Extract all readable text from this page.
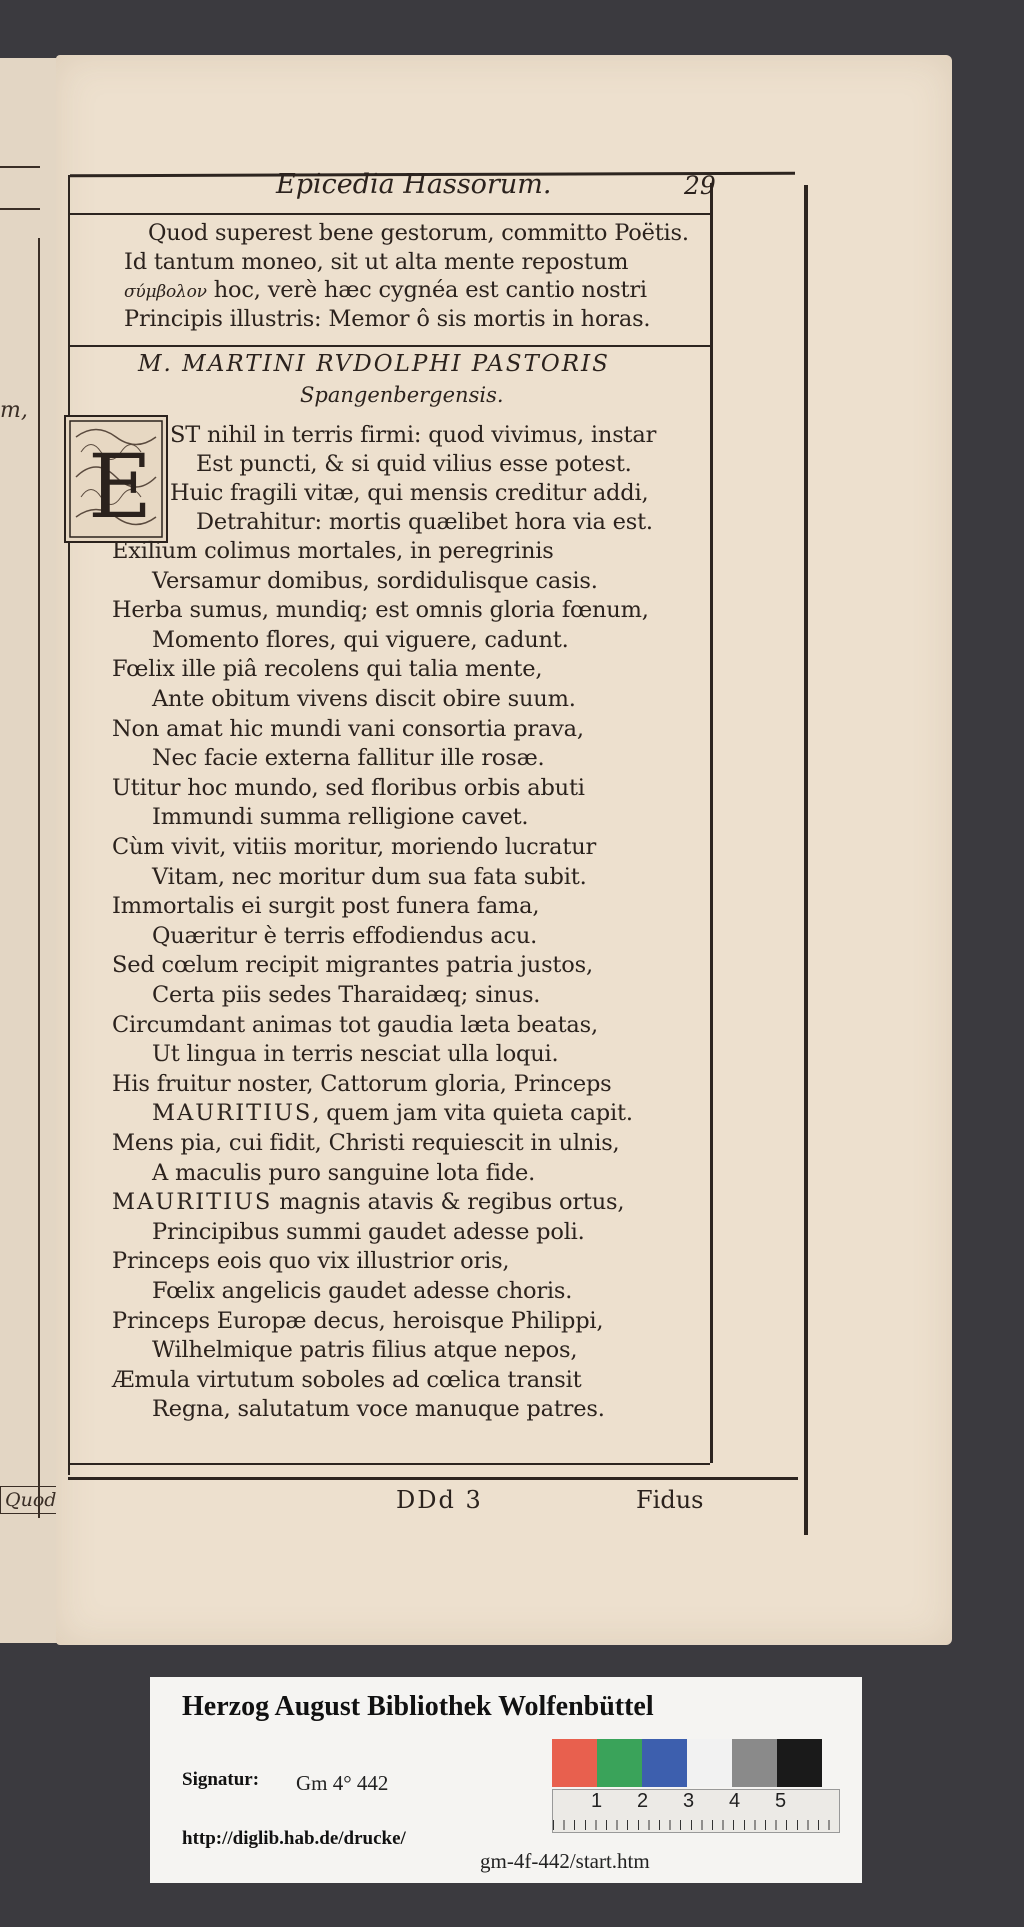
m,
Quod
Epicedia Hassorum.	29
Quod superest bene gestorum, committo Poëtis.
Id tantum moneo, sit ut alta mente repostum
σύμβολον hoc, verè hæc cygnéa est cantio nostri
Principis illustris: Memor ô sis mortis in horas.
M. MARTINI RVDOLPHI PASTORIS
Spangenbergensis.
E ST nihil in terris firmi: quod vivimus, instar
Est puncti, & si quid vilius esse potest.
Huic fragili vitæ, qui mensis creditur addi,
Detrahitur: mortis quælibet hora via est.
MAURITIUS, quem jam vita quieta capit.
MAURITIUS magnis atavis & regibus ortus,
DDd 3	Fidus
Exilium colimus mortales, in peregrinis
Versamur domibus, sordidulisque casis.
Herba sumus, mundiq; est omnis gloria fœnum,
Momento flores, qui viguere, cadunt.
Fœlix ille piâ recolens qui talia mente,
Ante obitum vivens discit obire suum.
Non amat hic mundi vani consortia prava,
Nec facie externa fallitur ille rosæ.
Utitur hoc mundo, sed floribus orbis abuti
Immundi summa relligione cavet.
Cùm vivit, vitiis moritur, moriendo lucratur
Vitam, nec moritur dum sua fata subit.
Immortalis ei surgit post funera fama,
Quæritur è terris effodiendus acu.
Sed cœlum recipit migrantes patria justos,
Certa piis sedes Tharaidæq; sinus.
Circumdant animas tot gaudia læta beatas,
Ut lingua in terris nesciat ulla loqui.
His fruitur noster, Cattorum gloria, Princeps
Mens pia, cui fidit, Christi requiescit in ulnis,
A maculis puro sanguine lota fide.
Principibus summi gaudet adesse poli.
Princeps eois quo vix illustrior oris,
Fœlix angelicis gaudet adesse choris.
Princeps Europæ decus, heroisque Philippi,
Wilhelmique patris filius atque nepos,
Æmula virtutum soboles ad cœlica transit
Regna, salutatum voce manuque patres.
Herzog August Bibliothek Wolfenbüttel
Signatur: Gm 4° 442
1 2 3 4 5
http://diglib.hab.de/drucke/
gm-4f-442/start.htm
